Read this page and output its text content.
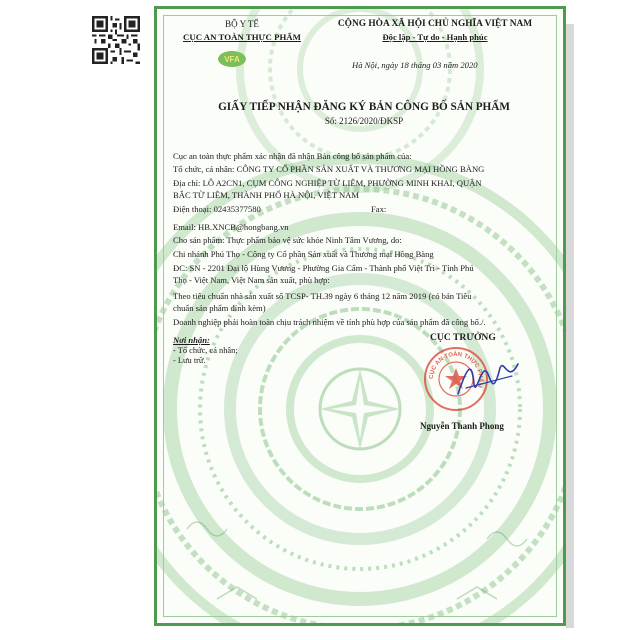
BỘ Y TẾ
CỤC AN TOÀN THỰC PHẨM
VFA
CỘNG HÒA XÃ HỘI CHỦ NGHĨA VIỆT NAM
Độc lập - Tự do - Hạnh phúc
Hà Nội, ngày 18 tháng 03 năm 2020
GIẤY TIẾP NHẬN ĐĂNG KÝ BẢN CÔNG BỐ SẢN PHẨM
Số: 2126/2020/ĐKSP
Cục an toàn thực phẩm xác nhận đã nhận Bản công bố sản phẩm của:
Tổ chức, cá nhân: CÔNG TY CỔ PHẦN SẢN XUẤT VÀ THƯƠNG MẠI HỒNG BÀNG
Địa chỉ: LÔ A2CN1, CỤM CÔNG NGHIỆP TỪ LIÊM, PHƯỜNG MINH KHAI, QUẬN
BẮC TỪ LIÊM, THÀNH PHỐ HÀ NỘI, VIỆT NAM
Điện thoại: 02435377580	Fax:
Email: HB.XNCB@hongbang.vn
Cho sản phẩm: Thực phẩm bảo vệ sức khỏe Ninh Tâm Vương, do:
Chi nhánh Phú Thọ - Công ty Cổ phần Sản xuất và Thương mại Hồng Bàng
ĐC: SN - 2201 Đại lộ Hùng Vương - Phường Gia Cẩm - Thành phố Việt Trì - Tỉnh Phú
Thọ - Việt Nam, Việt Nam sản xuất, phù hợp:
Theo tiêu chuẩn nhà sản xuất số TCSP- TH.39 ngày 6 tháng 12 năm 2019 (có bản Tiêu
chuẩn sản phẩm đính kèm)
Doanh nghiệp phải hoàn toàn chịu trách nhiệm về tính phù hợp của sản phẩm đã công bố./.
Nơi nhận:
- Tổ chức, cá nhân;
- Lưu trữ.
CỤC TRƯỞNG
CỤC AN TOÀN THỰC PHẨM
Nguyễn Thanh Phong
